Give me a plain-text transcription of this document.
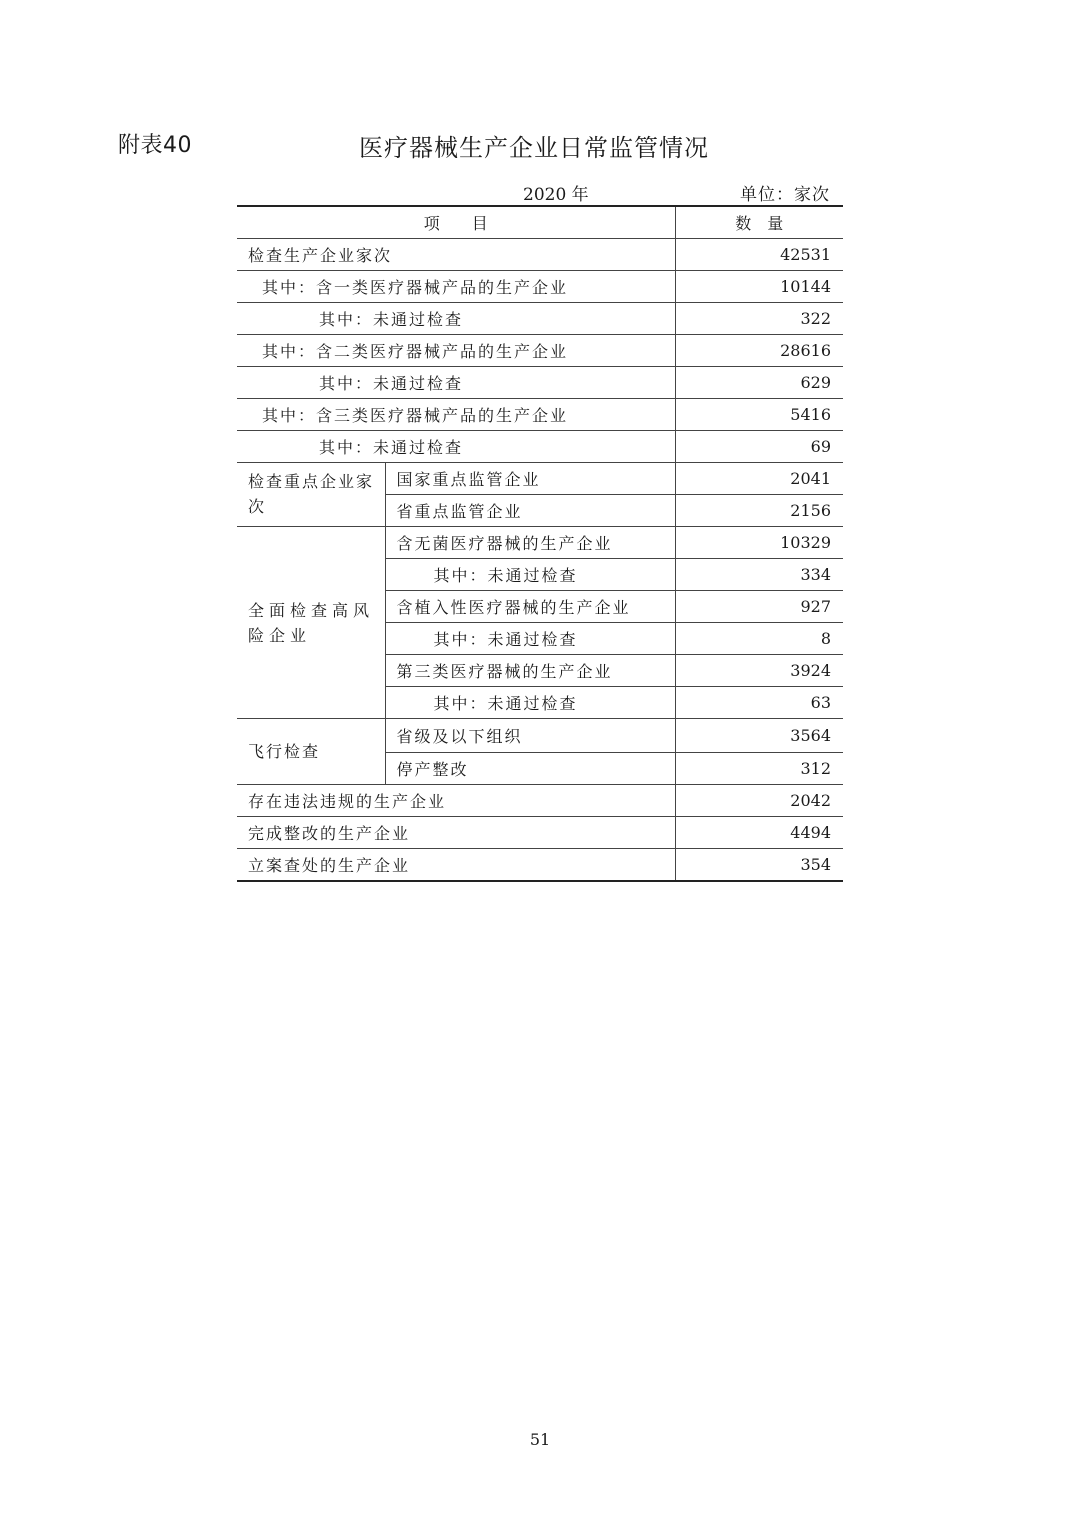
附表40	医疗器械生产企业日常监管情况
2020 年	单位：家次
项　　目		数　量
检查生产企业家次		42531
其中：含一类医疗器械产品的生产企业		10144
其中：未通过检查		322
其中：含二类医疗器械产品的生产企业		28616
其中：未通过检查		629
其中：含三类医疗器械产品的生产企业		5416
其中：未通过检查		69
检查重点企业家次	国家重点监管企业	2041
	省重点监管企业	2156
全面检查高风险企业	含无菌医疗器械的生产企业	10329
	其中：未通过检查	334
	含植入性医疗器械的生产企业	927
	其中：未通过检查	8
	第三类医疗器械的生产企业	3924
	其中：未通过检查	63
飞行检查	省级及以下组织	3564
	停产整改	312
存在违法违规的生产企业		2042
完成整改的生产企业		4494
立案查处的生产企业		354
51
